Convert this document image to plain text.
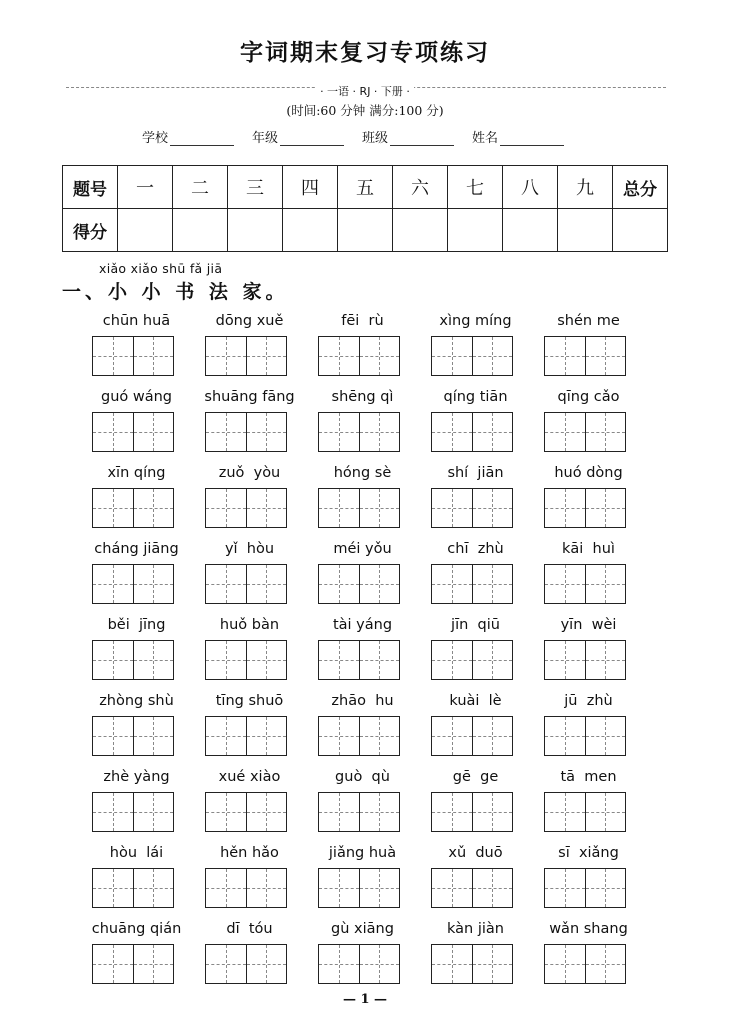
字词期末复习专项练习
· 一语 · RJ · 下册 ·
(时间:60 分钟 满分:100 分)
学校	年级	班级	姓名
题号	一	二	三	四	五	六	七	八	九	总分
得分										
xiǎo xiǎo shū fǎ jiā
一、小 小 书 法 家。
chūn huā	dōng xuě	fēi  rù	xìng míng	shén me
guó wáng	shuāng fāng	shēng qì	qíng tiān	qīng cǎo
xīn qíng	zuǒ  yòu	hóng sè	shí  jiān	huó dòng
cháng jiāng	yǐ  hòu	méi yǒu	chī  zhù	kāi  huì
běi  jīng	huǒ bàn	tài yáng	jīn  qiū	yīn  wèi
zhòng shù	tīng shuō	zhāo  hu	kuài  lè	jū  zhù
zhè yàng	xué xiào	guò  qù	gē  ge	tā  men
hòu  lái	hěn hǎo	jiǎng huà	xǔ  duō	sī  xiǎng
chuāng qián	dī  tóu	gù xiāng	kàn jiàn	wǎn shang
— 1 —
